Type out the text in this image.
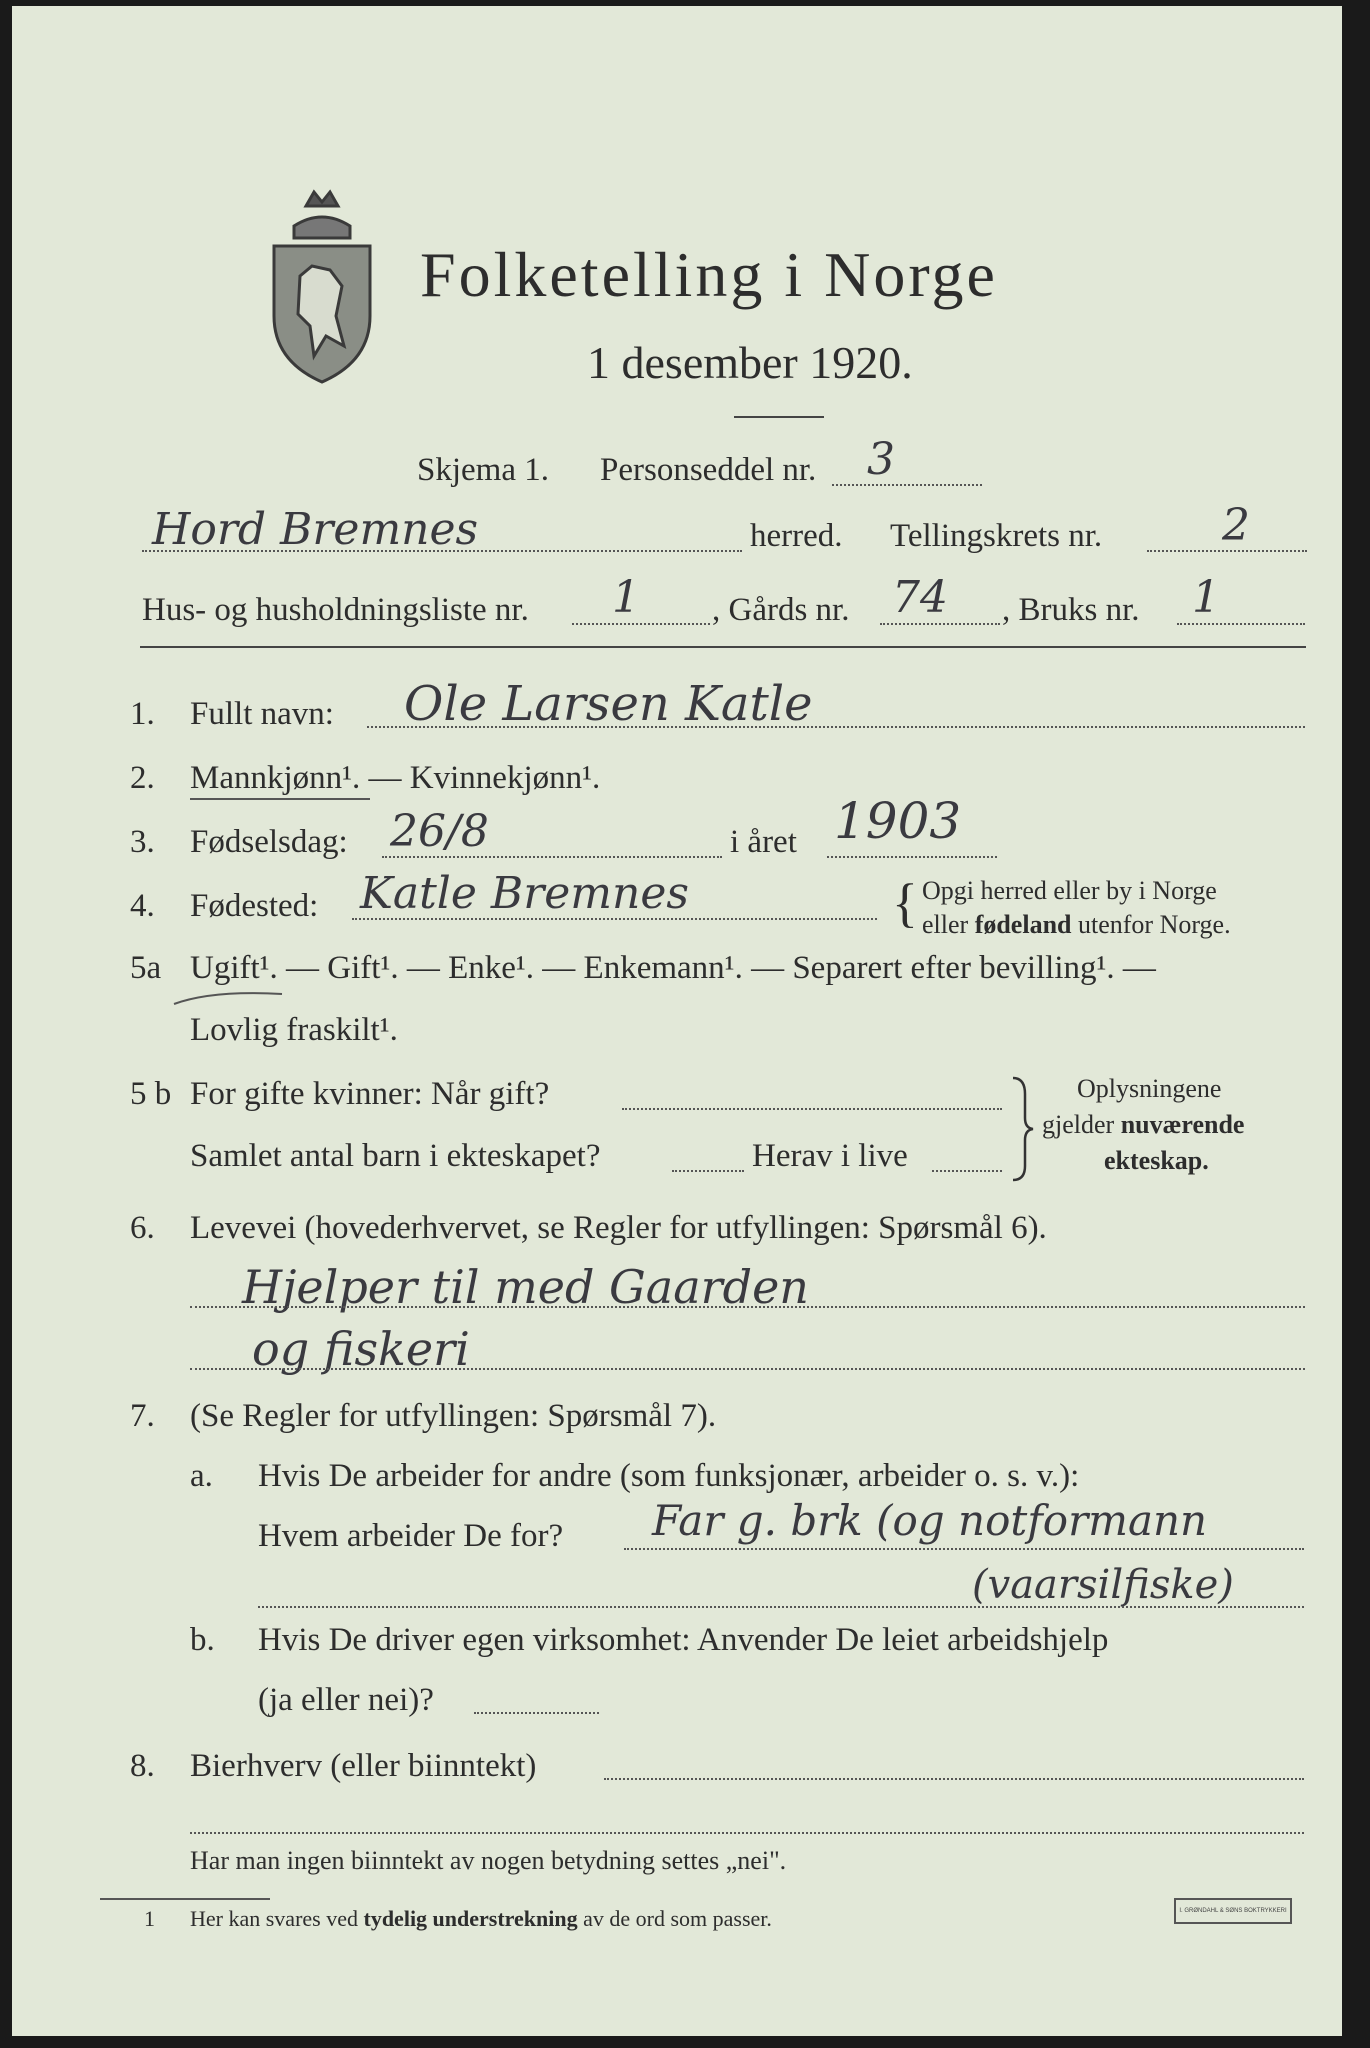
Folketelling i Norge
1 desember 1920.
Skjema 1. Personseddel nr. 3
Hord Bremnes	herred. Tellingskrets nr.	2
Hus- og husholdningsliste nr. 1 , Gårds nr. 74 , Bruks nr. 1
1. Fullt navn: Ole Larsen Katle
2. Mannkjønn¹. — Kvinnekjønn¹.
3. Fødselsdag: 26/8	i året 1903
4. Fødested: Katle Bremnes	{ Opgi herred eller by i Norge
eller fødeland utenfor Norge.
5a Ugift¹. — Gift¹. — Enke¹. — Enkemann¹. — Separert efter bevilling¹. —
Lovlig fraskilt¹.
5 b For gifte kvinner: Når gift?
Samlet antal barn i ekteskapet?	Herav i live
Oplysningene
gjelder nuværende
ekteskap.
6. Levevei (hovederhvervet, se Regler for utfyllingen: Spørsmål 6).
Hjelper til med Gaarden
og fiskeri
7. (Se Regler for utfyllingen: Spørsmål 7).
a. Hvis De arbeider for andre (som funksjonær, arbeider o. s. v.):
Hvem arbeider De for? Far g. brk (og notformann
(vaarsilfiske)
b. Hvis De driver egen virksomhet: Anvender De leiet arbeidshjelp
(ja eller nei)?
8. Bierhverv (eller biinntekt)
Har man ingen biinntekt av nogen betydning settes „nei".
1 Her kan svares ved tydelig understrekning av de ord som passer.	I. GRØNDAHL & SØNS BOKTRYKKERI
